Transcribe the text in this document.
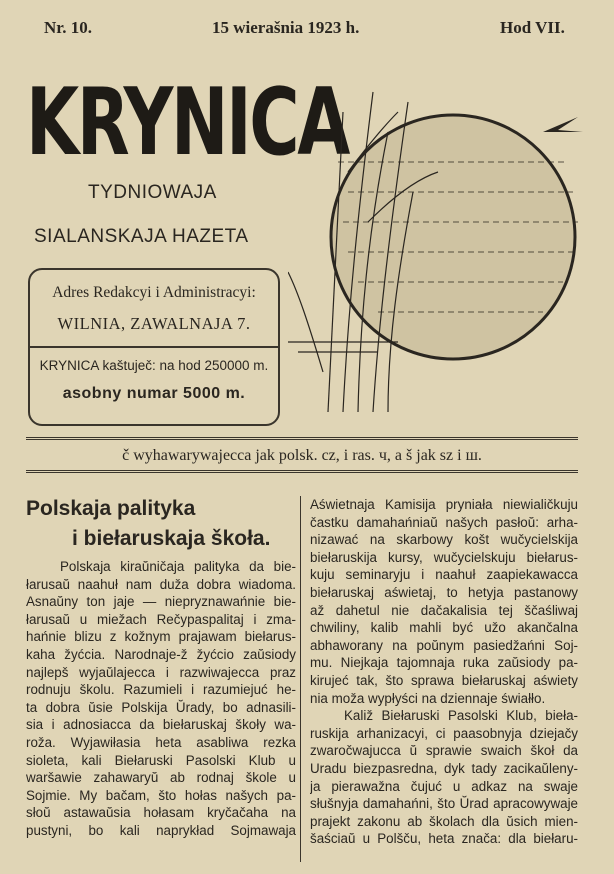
Nr. 10.	15 wierašnia 1923 h.	Hod VII.
KRYNICA
TYDNIOWAJA
SIALANSKAJA HAZETA
Adres Redakcyi i Administracyi:
WILNIA, ZAWALNAJA 7.
KRYNICA kaštuječ: na hod 250000 m.
asobny numar 5000 m.
č wyhawarywajecca jak polsk. cz, i ras. ч, a š jak sz i ш.
Polskaja palityka
i biełaruskaja škoła.
Polskaja kiraŭničaja palityka da bie-
łarusaŭ naahuł nam duža dobra wiadoma.
Asnaŭny ton jaje — niepryznawańnie bie-
łarusaŭ u miežach Rečypaspalitaj i zma-
hańnie blizu z kožnym prajawam biełarus-
kaha žyćcia. Narodnaje-ž žyćcio zaŭsiody
najlepš wyjaŭlajecca i razwiwajecca praz
rodnuju školu. Razumieli i razumiejuć he-
ta dobra ŭsie Polskija Ŭrady, bo adnasili-
sia i adnosiacca da biełaruskaj škoły wa-
roža. Wyjawiłasia heta asabliwa rezka
sioleta, kali Biełaruski Pasolski Klub u
waršawie zahawaryŭ ab rodnaj škole u
Sojmie. My bačam, što hołas našych pa-
słoŭ astawaŭsia hołasam kryčačaha na
pustyni, bo kali naprykład Sojmawaja
Aświetnaja Kamisija pryniała niewialičkuju
častku damahańniaŭ našych pasłoŭ: arha-
nizawać na skarbowy košt wučycielskija
biełaruskija kursy, wučycielskuju biełarus-
kuju seminaryju i naahuł zaapiekawacca
biełaruskaj aświetaj, to hetyja pastanowy
až dahetul nie dačakalisia tej ščaśliwaj
chwiliny, kalib mahli być užo akančalna
abhaworany na poŭnym pasiedžańni Soj-
mu. Niejkaja tajomnaja ruka zaŭsiody pa-
kirujeć tak, što sprawa biełaruskaj aświety
nia moža wypłyści na dziennaje świałło.
Kaliž Biełaruski Pasolski Klub, bieła-
ruskija arhanizacyi, ci paasobnyja dziejačy
zwaročwajucca ŭ sprawie swaich škoł da
Uradu biezpasredna, dyk tady zacikaŭleny-
ja pierawažna čujuć u adkaz na swaje
słušnyja damahańni, što Ŭrad apracowywaje
prajekt zakonu ab školach dla ŭsich mien-
šaściaŭ u Polšču, heta znača: dla biełaru-
